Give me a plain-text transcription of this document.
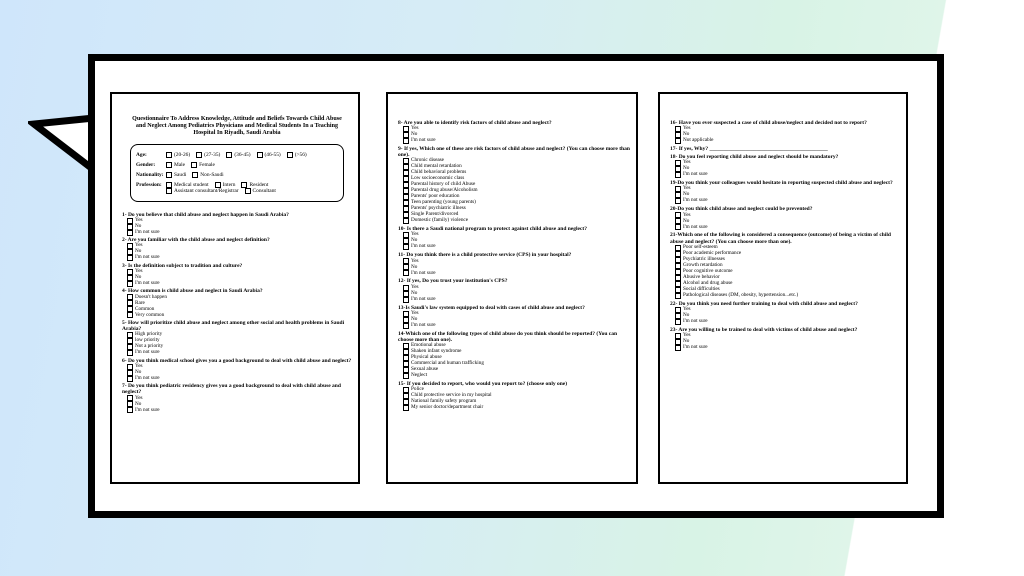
Questionnaire To Address Knowledge, Attitude and Beliefs Towards Child Abuse and Neglect Among Pediatrics Physicians and Medical Students In a Teaching Hospital In Riyadh, Saudi Arabia
Age:	(20-26)	(27-35)	(36-45)	(46-55)	(>56)
Gender:	Male	Female
Nationality:	Saudi	Non-Saudi
Profession:	Medical student	Intern	Resident
Assistant consultant/Registrar	Consultant
1- Do you believe that child abuse and neglect happen in Saudi Arabia?
Yes
No
I'm not sure
2- Are you familiar with the child abuse and neglect definition?
Yes
No
I'm not sure
3- Is the definition subject to tradition and culture?
Yes
No
I'm not sure
4- How common is child abuse and neglect in Saudi Arabia?
Doesn't happen
Rare
Common
Very common
5- How will prioritize child abuse and neglect among other social and health problems in Saudi Arabia?
High priority
low priority
Not a priority
I'm not sure
6- Do you think medical school gives you a good background to deal with child abuse and neglect?
Yes
No
I'm not sure
7- Do you think pediatric residency gives you a good background to deal with child abuse and neglect?
Yes
No
I'm not sure
8- Are you able to identify risk factors of child abuse and neglect?
Yes
No
I'm not sure
9- If yes, Which one of these are risk factors of child abuse and neglect? (You can choose more than one).
Chronic disease
Child mental retardation
Child behavioral problems
Low socioeconomic class
Parental history of child Abuse
Parental drug abuse/Alcoholism
Parents' poor education
Teen parenting (young parents)
Parents' psychiatric illness
Single Parent/divorced
Domestic (family) violence
10- Is there a Saudi national program to protect against child abuse and neglect?
Yes
No
I'm not sure
11- Do you think there is a child protective service (CPS) in your hospital?
Yes
No
I'm not sure
12- If yes, Do you trust your institution's CPS?
Yes
No
I'm not sure
13-Is Saudi's law system equipped to deal with cases of child abuse and neglect?
Yes
No
I'm not sure
14-Which one of the following types of child abuse do you think should be reported? (You can choose more than one).
Emotional abuse
Shaken infant syndrome
Physical abuse
Commercial and human trafficking
Sexual abuse
Neglect
15- If you decided to report, who would you report to? (choose only one)
Police
Child protective service in my hospital
National family safety program
My senior doctor/department chair
16- Have you ever suspected a case of child abuse/neglect and decided not to report?
Yes
No
Not applicable
17- If yes, Why? ___________________________________________
18- Do you feel reporting child abuse and neglect should be mandatory?
Yes
No
I'm not sure
19-Do you think your colleagues would hesitate in reporting suspected child abuse and neglect?
Yes
No
I'm not sure
20-Do you think child abuse and neglect could be prevented?
Yes
No
I'm not sure
21-Which one of the following is considered a consequence (outcome) of being a victim of child abuse and neglect? (You can choose more than one).
Poor self-esteem
Poor academic performance
Psychiatric illnesses
Growth retardation
Poor cognitive outcome
Abusive behavior
Alcohol and drug abuse
Social difficulties
Pathological diseases (DM, obesity, hypertension...etc.)
22- Do you think you need further training to deal with child abuse and neglect?
Yes
No
I'm not sure
23- Are you willing to be trained to deal with victims of child abuse and neglect?
Yes
No
I'm not sure
